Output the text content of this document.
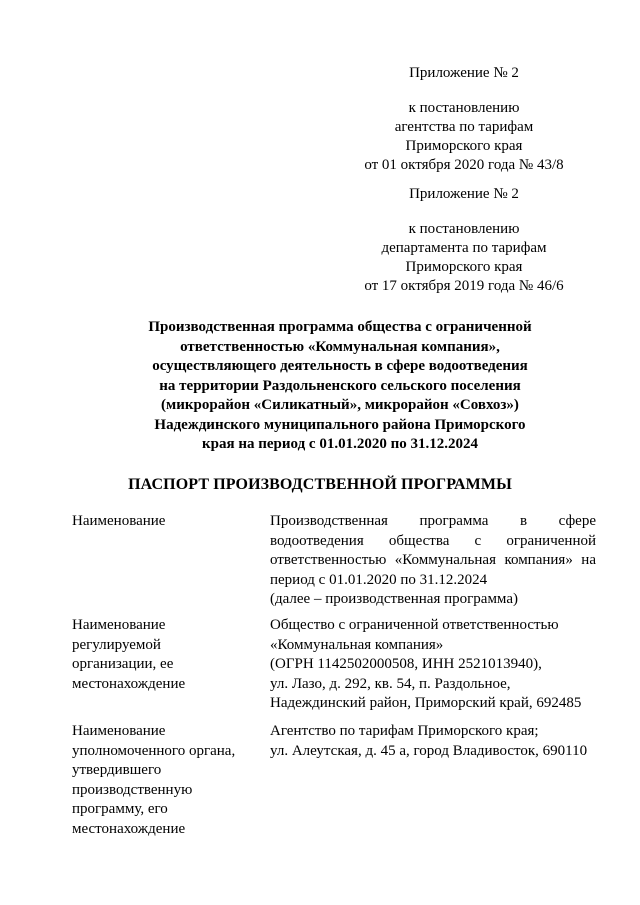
Приложение № 2
к постановлению
агентства по тарифам
Приморского края
от 01 октября 2020 года № 43/8
Приложение № 2
к постановлению
департамента по тарифам
Приморского края
от 17 октября 2019 года № 46/6
Производственная программа общества с ограниченной
ответственностью «Коммунальная компания»,
осуществляющего деятельность в сфере водоотведения
на территории Раздольненского сельского поселения
(микрорайон «Силикатный», микрорайон «Совхоз»)
Надеждинского муниципального района Приморского
края на период с 01.01.2020 по 31.12.2024
ПАСПОРТ ПРОИЗВОДСТВЕННОЙ ПРОГРАММЫ
Наименование	Производственная программа в сфере
водоотведения общества с ограниченной
ответственностью «Коммунальная компания» на
период с 01.01.2020 по 31.12.2024
(далее – производственная программа)
Наименование
регулируемой
организации, ее
местонахождение
Общество с ограниченной ответственностью
«Коммунальная компания»
(ОГРН 1142502000508, ИНН 2521013940),
ул. Лазо, д. 292, кв. 54, п. Раздольное,
Надеждинский район, Приморский край, 692485
Наименование
уполномоченного органа,
утвердившего
производственную
программу, его
местонахождение
Агентство по тарифам Приморского края;
ул. Алеутская, д. 45 а, город Владивосток, 690110
